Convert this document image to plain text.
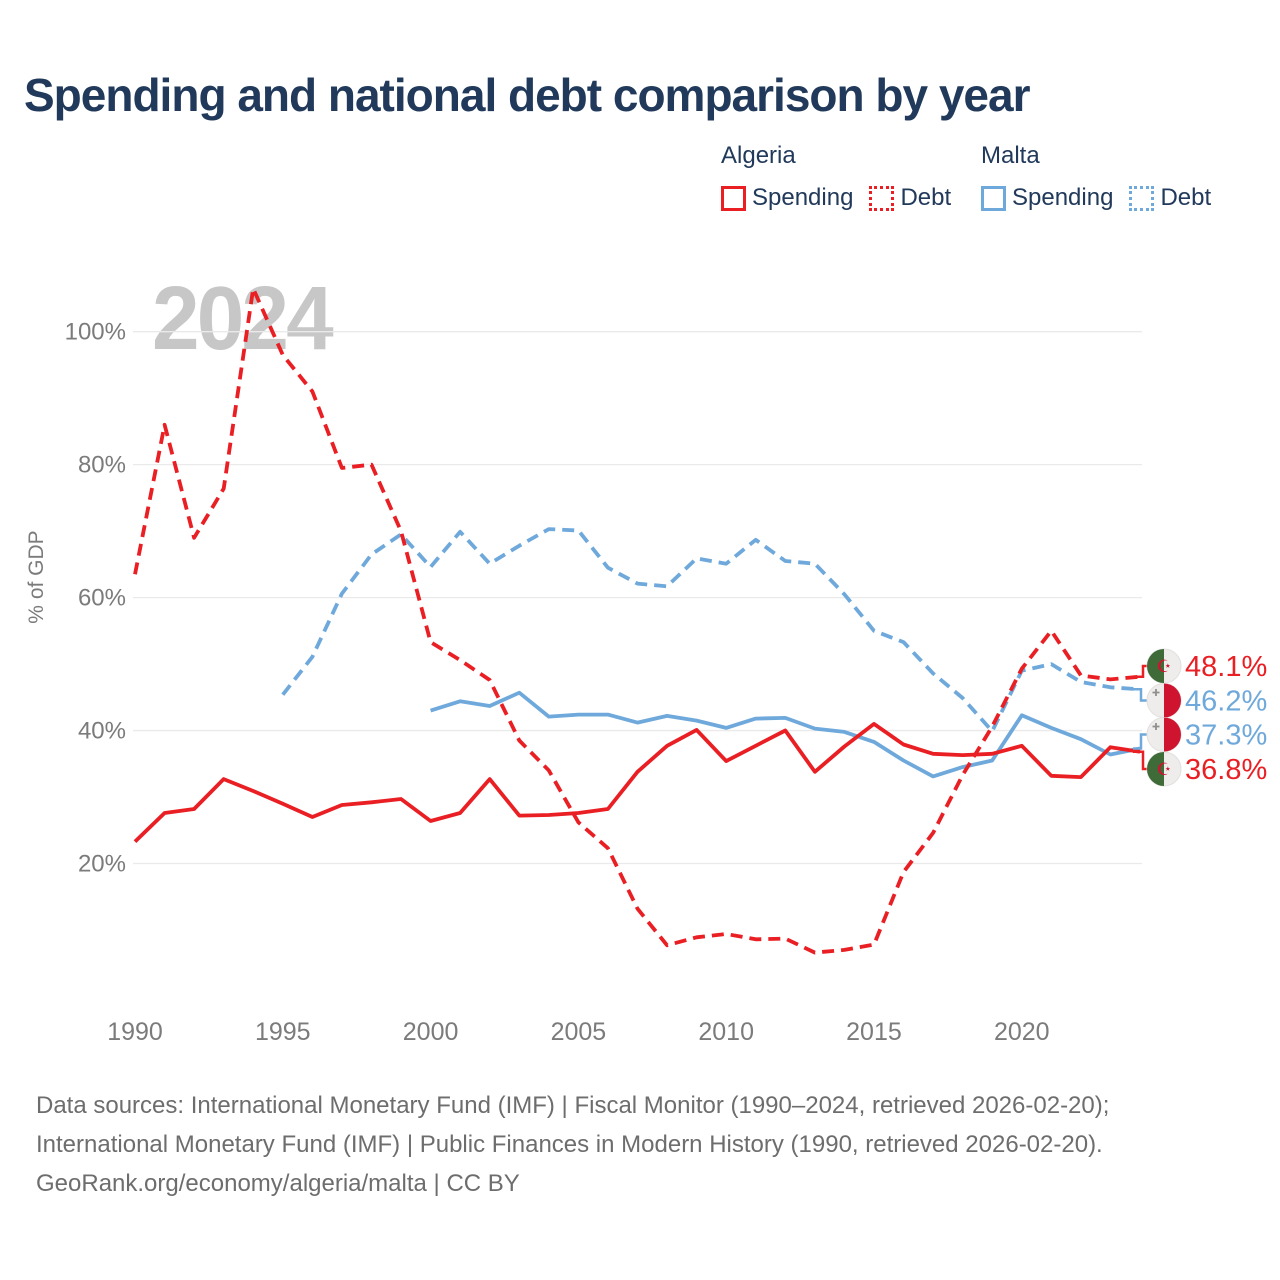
Spending and national debt comparison by year
2024
Algeria
Spending Debt
Malta
Spending Debt
100%
80%
60%
40%
20%
% of GDP
1990	1995	2000	2005	2010	2015	2020
☪ 48.1%
46.2%
37.3%
☪ 36.8%
Data sources: International Monetary Fund (IMF) | Fiscal Monitor (1990–2024, retrieved 2026-02-20);
International Monetary Fund (IMF) | Public Finances in Modern History (1990, retrieved 2026-02-20).
GeoRank.org/economy/algeria/malta | CC BY
